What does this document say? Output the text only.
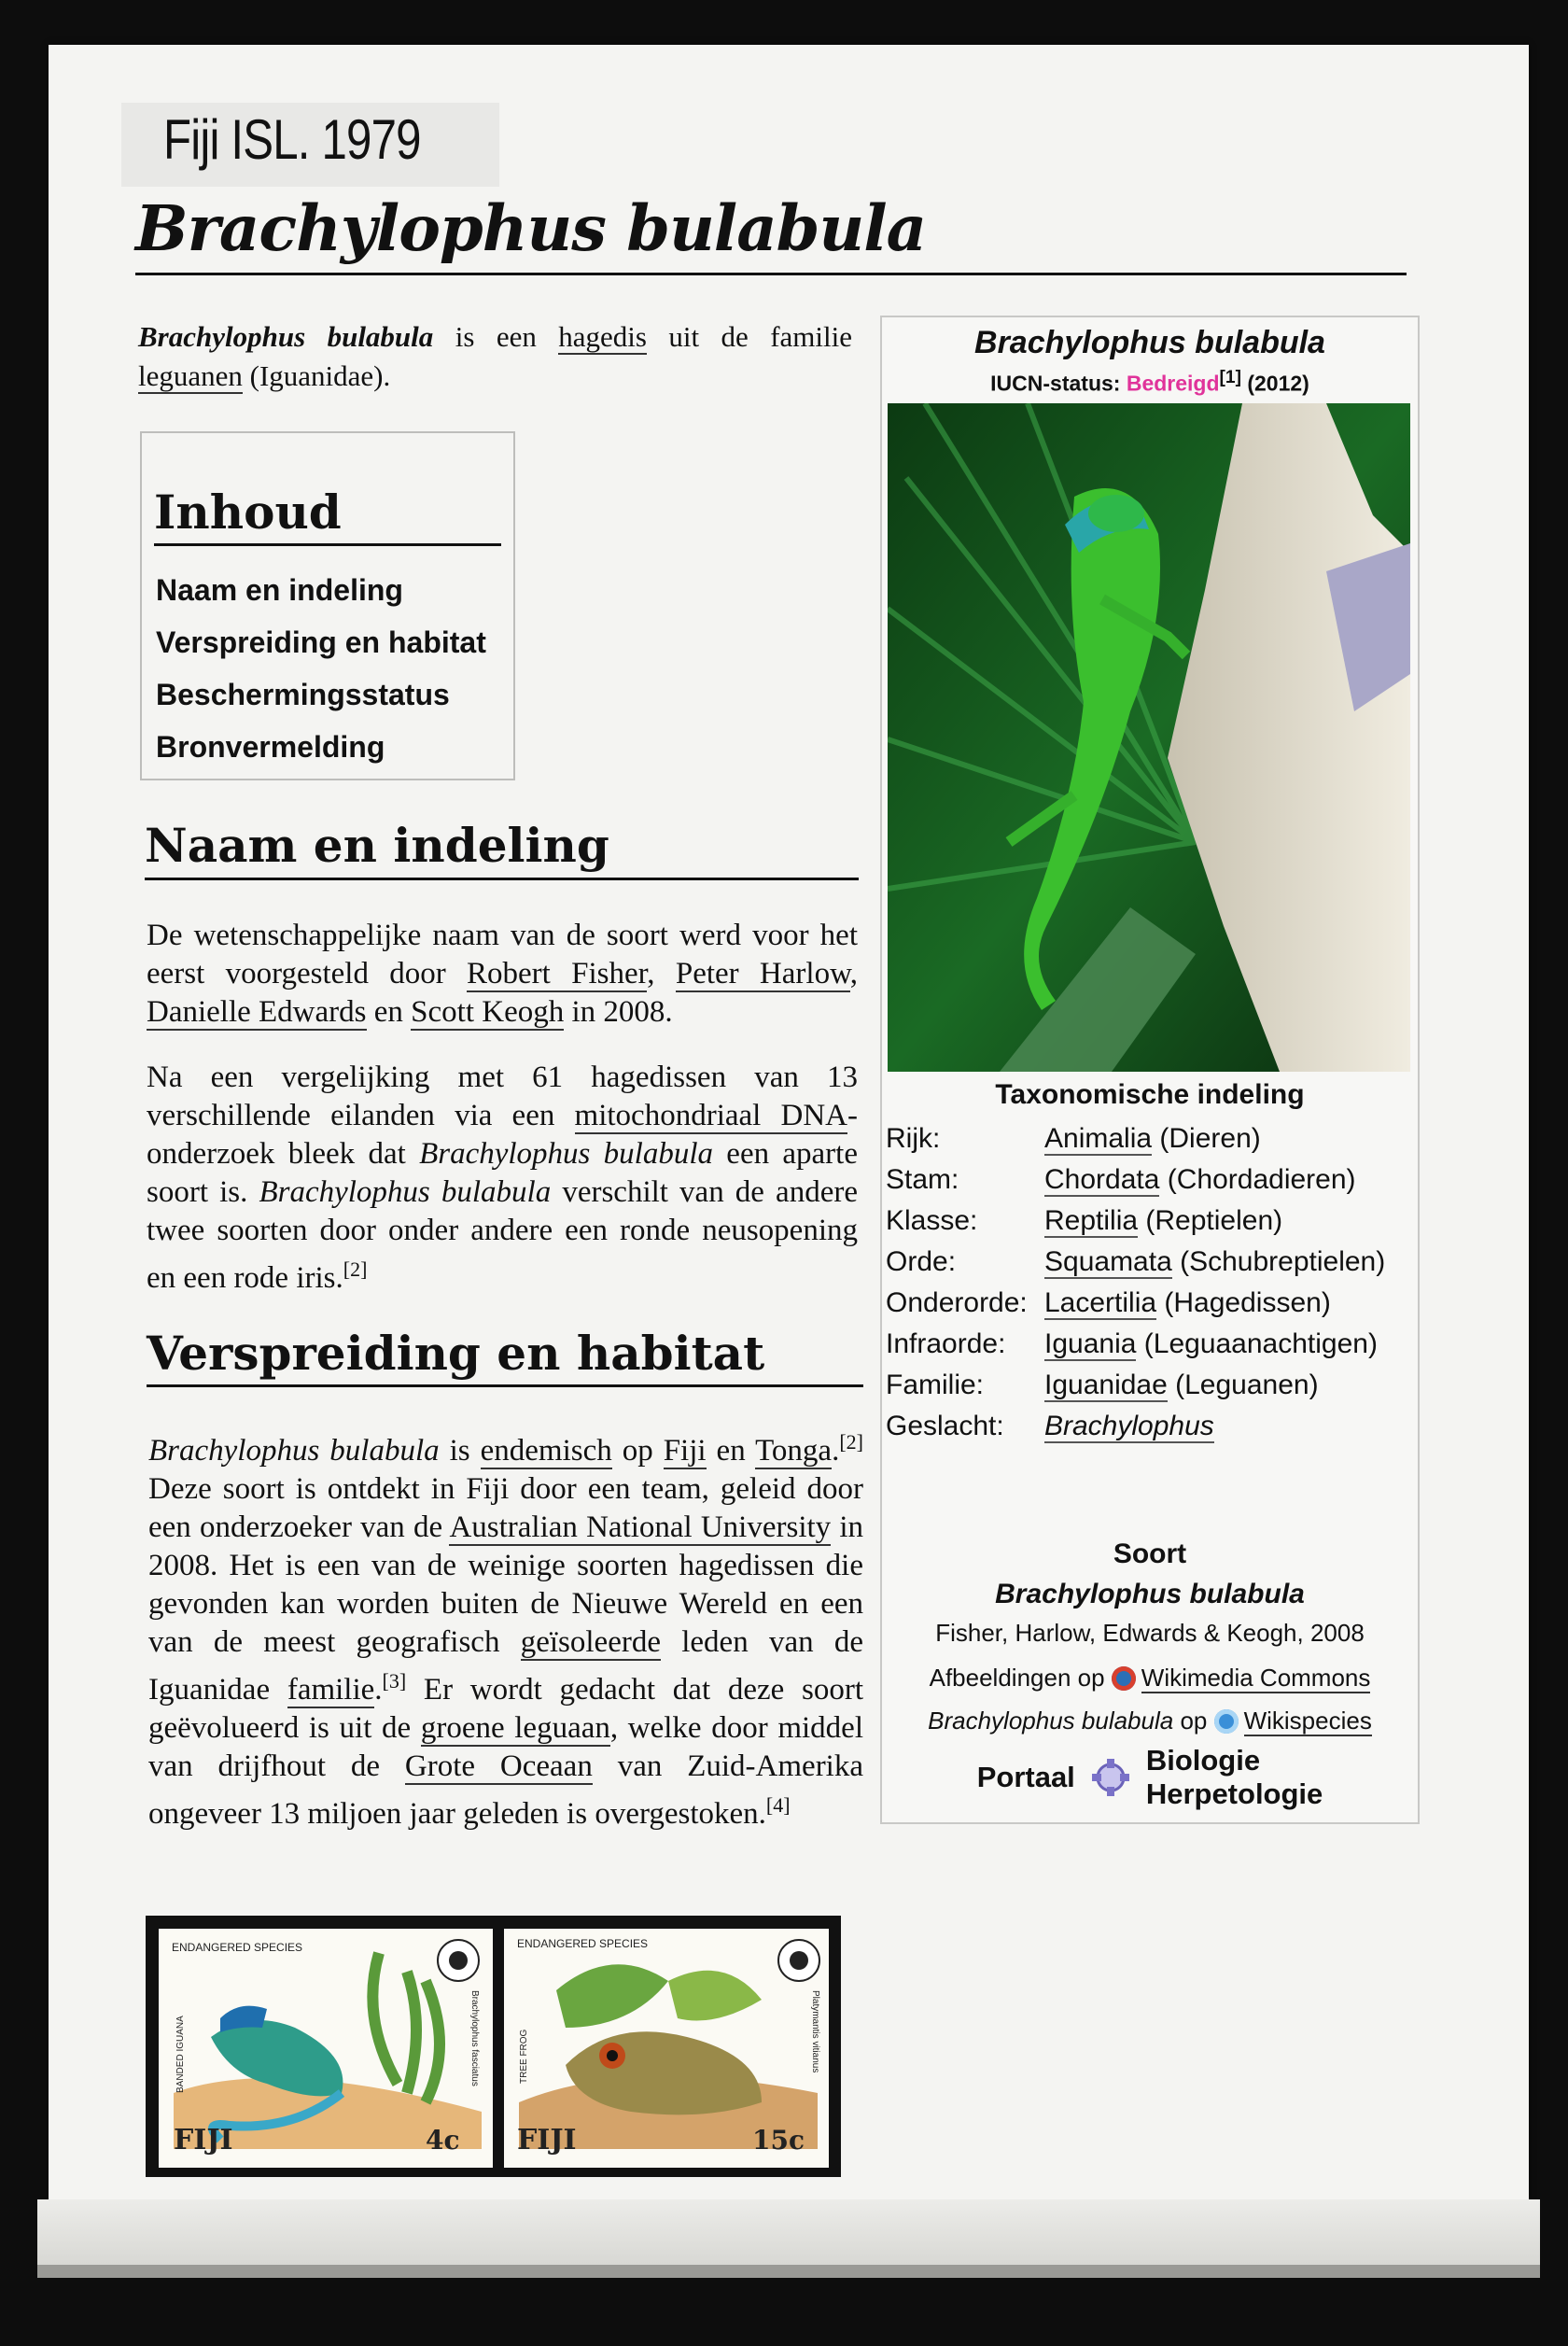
Fiji ISL. 1979
Brachylophus bulabula
Brachylophus bulabula is een hagedis uit de familie leguanen (Iguanidae).
Inhoud
Naam en indeling
Verspreiding en habitat
Beschermingsstatus
Bronvermelding
Naam en indeling
De wetenschappelijke naam van de soort werd voor het eerst voorgesteld door Robert Fisher, Peter Harlow, Danielle Edwards en Scott Keogh in 2008.
Na een vergelijking met 61 hagedissen van 13 verschillende eilanden via een mitochondriaal DNA-onderzoek bleek dat Brachylophus bulabula een aparte soort is. Brachylophus bulabula verschilt van de andere twee soorten door onder andere een ronde neusopening en een rode iris.[2]
Verspreiding en habitat
Brachylophus bulabula is endemisch op Fiji en Tonga.[2] Deze soort is ontdekt in Fiji door een team, geleid door een onderzoeker van de Australian National University in 2008. Het is een van de weinige soorten hagedissen die gevonden kan worden buiten de Nieuwe Wereld en een van de meest geografisch geïsoleerde leden van de Iguanidae familie.[3] Er wordt gedacht dat deze soort geëvolueerd is uit de groene leguaan, welke door middel van drijfhout de Grote Oceaan van Zuid-Amerika ongeveer 13 miljoen jaar geleden is overgestoken.[4]
Brachylophus bulabula
IUCN-status: Bedreigd[1] (2012)
Taxonomische indeling
Rijk:	Animalia (Dieren)
Stam:	Chordata (Chordadieren)
Klasse:	Reptilia (Reptielen)
Orde:	Squamata (Schubreptielen)
Onderorde: Lacertilia (Hagedissen)
Infraorde:	Iguania (Leguaanachtigen)
Familie:	Iguanidae (Leguanen)
Geslacht:	Brachylophus
Soort
Brachylophus bulabula
Fisher, Harlow, Edwards & Keogh, 2008
Afbeeldingen op Wikimedia Commons
Brachylophus bulabula op Wikispecies
Portaal
Biologie
Herpetologie
ENDANGERED SPECIES
BANDED IGUANA	Brachylophus fasciatus
FIJI	4c
ENDANGERED SPECIES
TREE FROG	Platymantis vitianus
FIJI	15c
